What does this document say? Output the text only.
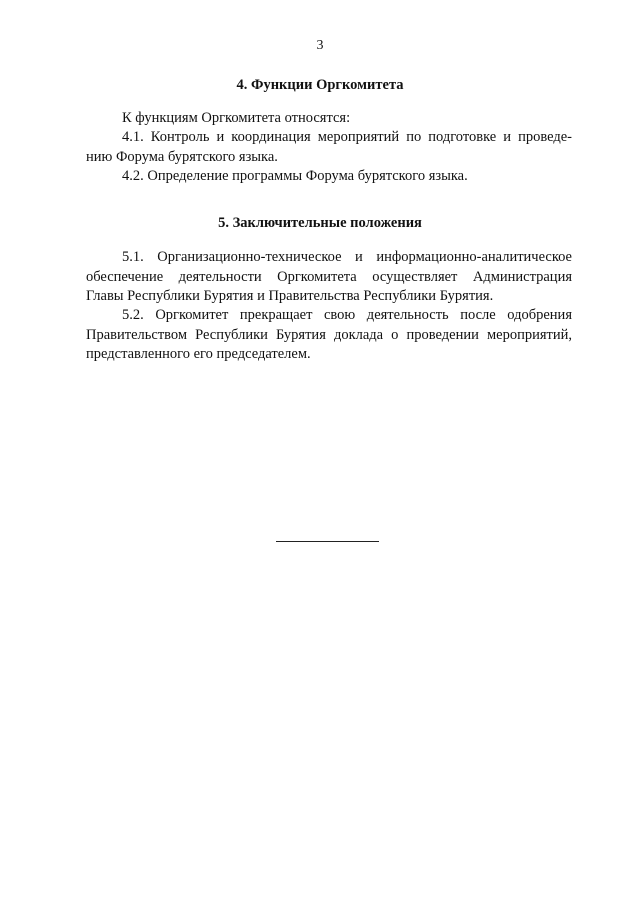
3
4. Функции Оргкомитета
К функциям Оргкомитета относятся:
4.1. Контроль и координация мероприятий по подготовке и проведе-
нию Форума бурятского языка.
4.2. Определение программы Форума бурятского языка.
5. Заключительные положения
5.1. Организационно-техническое и информационно-аналитическое
обеспечение деятельности Оргкомитета осуществляет Администрация
Главы Республики Бурятия и Правительства Республики Бурятия.
5.2. Оргкомитет прекращает свою деятельность после одобрения
Правительством Республики Бурятия доклада о проведении мероприятий,
представленного его председателем.
